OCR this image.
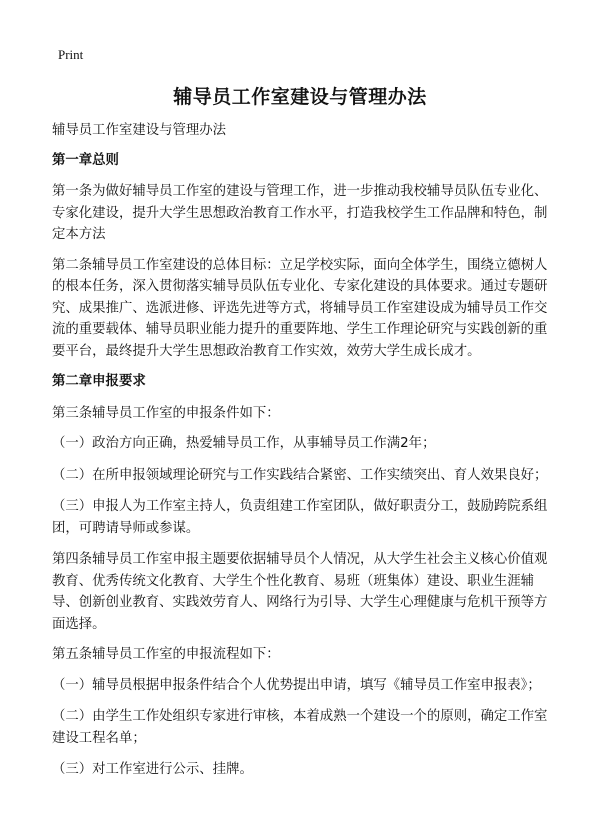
Print
辅导员工作室建设与管理办法

辅导员工作室建设与管理办法

第一章总则

第一条为做好辅导员工作室的建设与管理工作，进一步推动我校辅导员队伍专业化、专家化建设，提升大学生思想政治教育工作水平，打造我校学生工作品牌和特色，制定本方法

第二条辅导员工作室建设的总体目标：立足学校实际，面向全体学生，围绕立德树人的根本任务，深入贯彻落实辅导员队伍专业化、专家化建设的具体要求。通过专题研究、成果推广、选派进修、评选先进等方式，将辅导员工作室建设成为辅导员工作交流的重要载体、辅导员职业能力提升的重要阵地、学生工作理论研究与实践创新的重要平台，最终提升大学生思想政治教育工作实效，效劳大学生成长成才。

第二章申报要求

第三条辅导员工作室的申报条件如下：

（一）政治方向正确，热爱辅导员工作，从事辅导员工作满2年；

（二）在所申报领域理论研究与工作实践结合紧密、工作实绩突出、育人效果良好；

（三）申报人为工作室主持人，负责组建工作室团队，做好职责分工，鼓励跨院系组团，可聘请导师或参谋。

第四条辅导员工作室申报主题要依据辅导员个人情况，从大学生社会主义核心价值观教育、优秀传统文化教育、大学生个性化教育、易班（班集体）建设、职业生涯辅导、创新创业教育、实践效劳育人、网络行为引导、大学生心理健康与危机干预等方面选择。

第五条辅导员工作室的申报流程如下：

（一）辅导员根据申报条件结合个人优势提出申请，填写《辅导员工作室申报表》；

（二）由学生工作处组织专家进行审核，本着成熟一个建设一个的原则，确定工作室建设工程名单；

（三）对工作室进行公示、挂牌。
